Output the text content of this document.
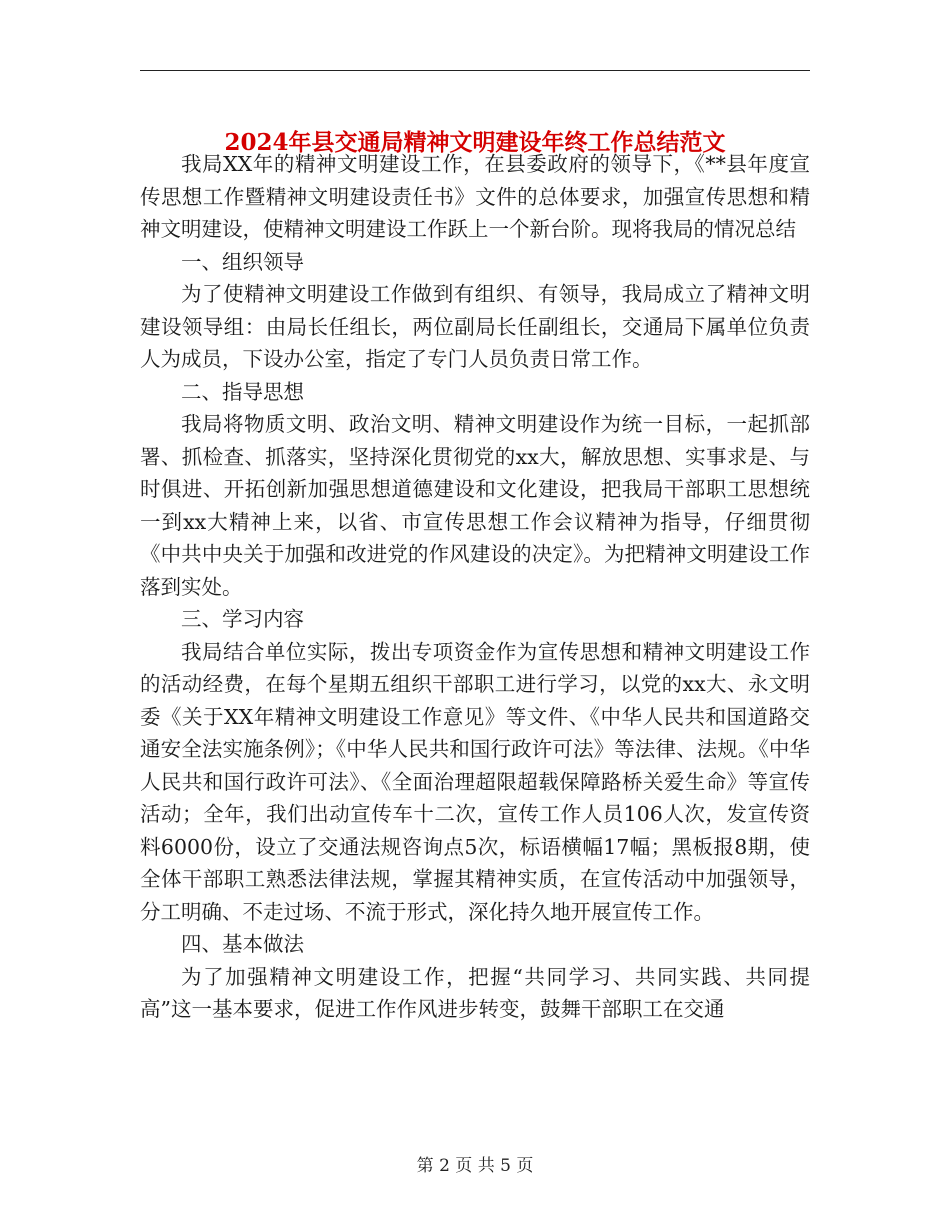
2024年县交通局精神文明建设年终工作总结范文

我局XX年的精神文明建设工作，在县委政府的领导下，《**县年度宣传思想工作暨精神文明建设责任书》文件的总体要求，加强宣传思想和精神文明建设，使精神文明建设工作跃上一个新台阶。现将我局的情况总结

一、组织领导

为了使精神文明建设工作做到有组织、有领导，我局成立了精神文明建设领导组：由局长任组长，两位副局长任副组长，交通局下属单位负责人为成员，下设办公室，指定了专门人员负责日常工作。

二、指导思想

我局将物质文明、政治文明、精神文明建设作为统一目标，一起抓部署、抓检查、抓落实，坚持深化贯彻党的xx大，解放思想、实事求是、与时俱进、开拓创新加强思想道德建设和文化建设，把我局干部职工思想统一到xx大精神上来，以省、市宣传思想工作会议精神为指导，仔细贯彻《中共中央关于加强和改进党的作风建设的决定》。为把精神文明建设工作落到实处。

三、学习内容

我局结合单位实际，拨出专项资金作为宣传思想和精神文明建设工作的活动经费，在每个星期五组织干部职工进行学习，以党的xx大、永文明委《关于XX年精神文明建设工作意见》等文件、《中华人民共和国道路交通安全法实施条例》；《中华人民共和国行政许可法》等法律、法规。《中华人民共和国行政许可法》、《全面治理超限超载保障路桥关爱生命》等宣传活动；全年，我们出动宣传车十二次，宣传工作人员106人次，发宣传资料6000份，设立了交通法规咨询点5次，标语横幅17幅；黑板报8期，使全体干部职工熟悉法律法规，掌握其精神实质，在宣传活动中加强领导，分工明确、不走过场、不流于形式，深化持久地开展宣传工作。

四、基本做法

为了加强精神文明建设工作，把握“共同学习、共同实践、共同提高”这一基本要求，促进工作作风进步转变，鼓舞干部职工在交通

第 2 页 共 5 页
